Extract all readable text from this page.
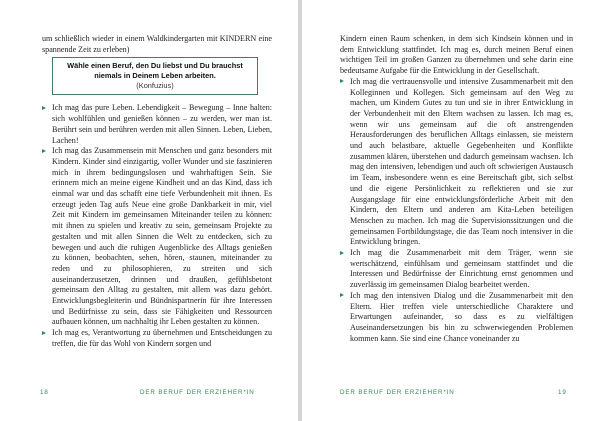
um schließlich wieder in einem Waldkindergarten mit KINDERN eine spannende Zeit zu erleben)

Wähle einen Beruf, den Du liebst und Du brauchst niemals in Deinem Leben arbeiten.
(Konfuzius)
Ich mag das pure Leben. Lebendigkeit – Bewegung – Inne halten: sich wohlfühlen und genießen können – zu werden, wer man ist. Berührt sein und berühren werden mit allen Sinnen. Leben, Lieben, Lachen!
Ich mag das Zusammensein mit Menschen und ganz besonders mit Kindern. Kinder sind einzigartig, voller Wunder und sie faszinieren mich in ihrem bedingungslosen und wahrhaftigen Sein. Sie erinnern mich an meine eigene Kindheit und an das Kind, dass ich einmal war und das schafft eine tiefe Verbundenheit mit ihnen. Es erzeugt jeden Tag aufs Neue eine große Dankbarkeit in mir, viel Zeit mit Kindern im gemeinsamen Miteinander teilen zu können: mit ihnen zu spielen und kreativ zu sein, gemeinsam Projekte zu gestalten und mit allen Sinnen die Welt zu entdecken, sich zu bewegen und auch die ruhigen Augenblicke des Alltags genießen zu können, beobachten, sehen, hören, staunen, miteinander zu reden und zu philosophieren, zu streiten und sich auseinanderzusetzen, drinnen und draußen, gefühlsbetont gemeinsam den Alltag zu gestalten, mit allem was dazu gehört. Entwicklungsbegleiterin und Bündnispartnerin für ihre Interessen und Bedürfnisse zu sein, dass sie Fähigkeiten und Ressourcen aufbauen können, um nachhaltig ihr Leben gestalten zu können.
Ich mag es, Verantwortung zu übernehmen und Entscheidungen zu treffen, die für das Wohl von Kindern sorgen und
18	DER BERUF DER ERZIEHER*IN

Kindern einen Raum schenken, in dem sich Kindsein können und in dem Entwicklung stattfindet. Ich mag es, durch meinen Beruf einen wichtigen Teil im großen Ganzen zu übernehmen und sehe darin eine bedeutsame Aufgabe für die Entwicklung in der Gesellschaft.

Ich mag die vertrauensvolle und intensive Zusammenarbeit mit den Kolleginnen und Kollegen. Sich gemeinsam auf den Weg zu machen, um Kindern Gutes zu tun und sie in ihrer Entwicklung in der Verbundenheit mit den Eltern wachsen zu lassen. Ich mag es, wenn wir uns gemeinsam auf die oft anstrengenden Herausforderungen des beruflichen Alltags einlassen, sie meistern und auch belastbare, aktuelle Gegebenheiten und Konflikte zusammen klären, überstehen und dadurch gemeinsam wachsen. Ich mag den intensiven, lebendigen und auch oft schwierigen Austausch im Team, insbesondere wenn es eine Bereitschaft gibt, sich selbst und die eigene Persönlichkeit zu reflektieren und sie zur Ausgangslage für eine entwicklungsförderliche Arbeit mit den Kindern, den Eltern und anderen am Kita-Leben beteiligen Menschen zu machen. Ich mag die Supervisionssitzungen und die gemeinsamen Fortbildungstage, die das Team noch intensiver in die Entwicklung bringen.
Ich mag die Zusammenarbeit mit dem Träger, wenn sie wertschätzend, einfühlsam und gemeinsam stattfindet und die Interessen und Bedürfnisse der Einrichtung ernst genommen und zuverlässig im gemeinsamen Dialog bearbeitet werden.
Ich mag den intensiven Dialog und die Zusammenarbeit mit den Eltern. Hier treffen viele unterschiedliche Charaktere und Erwartungen aufeinander, so dass es zu vielfältigen Auseinandersetzungen bis hin zu schwerwiegenden Problemen kommen kann. Sie sind eine Chance voneinander zu
DER BERUF DER ERZIEHER*IN	19
